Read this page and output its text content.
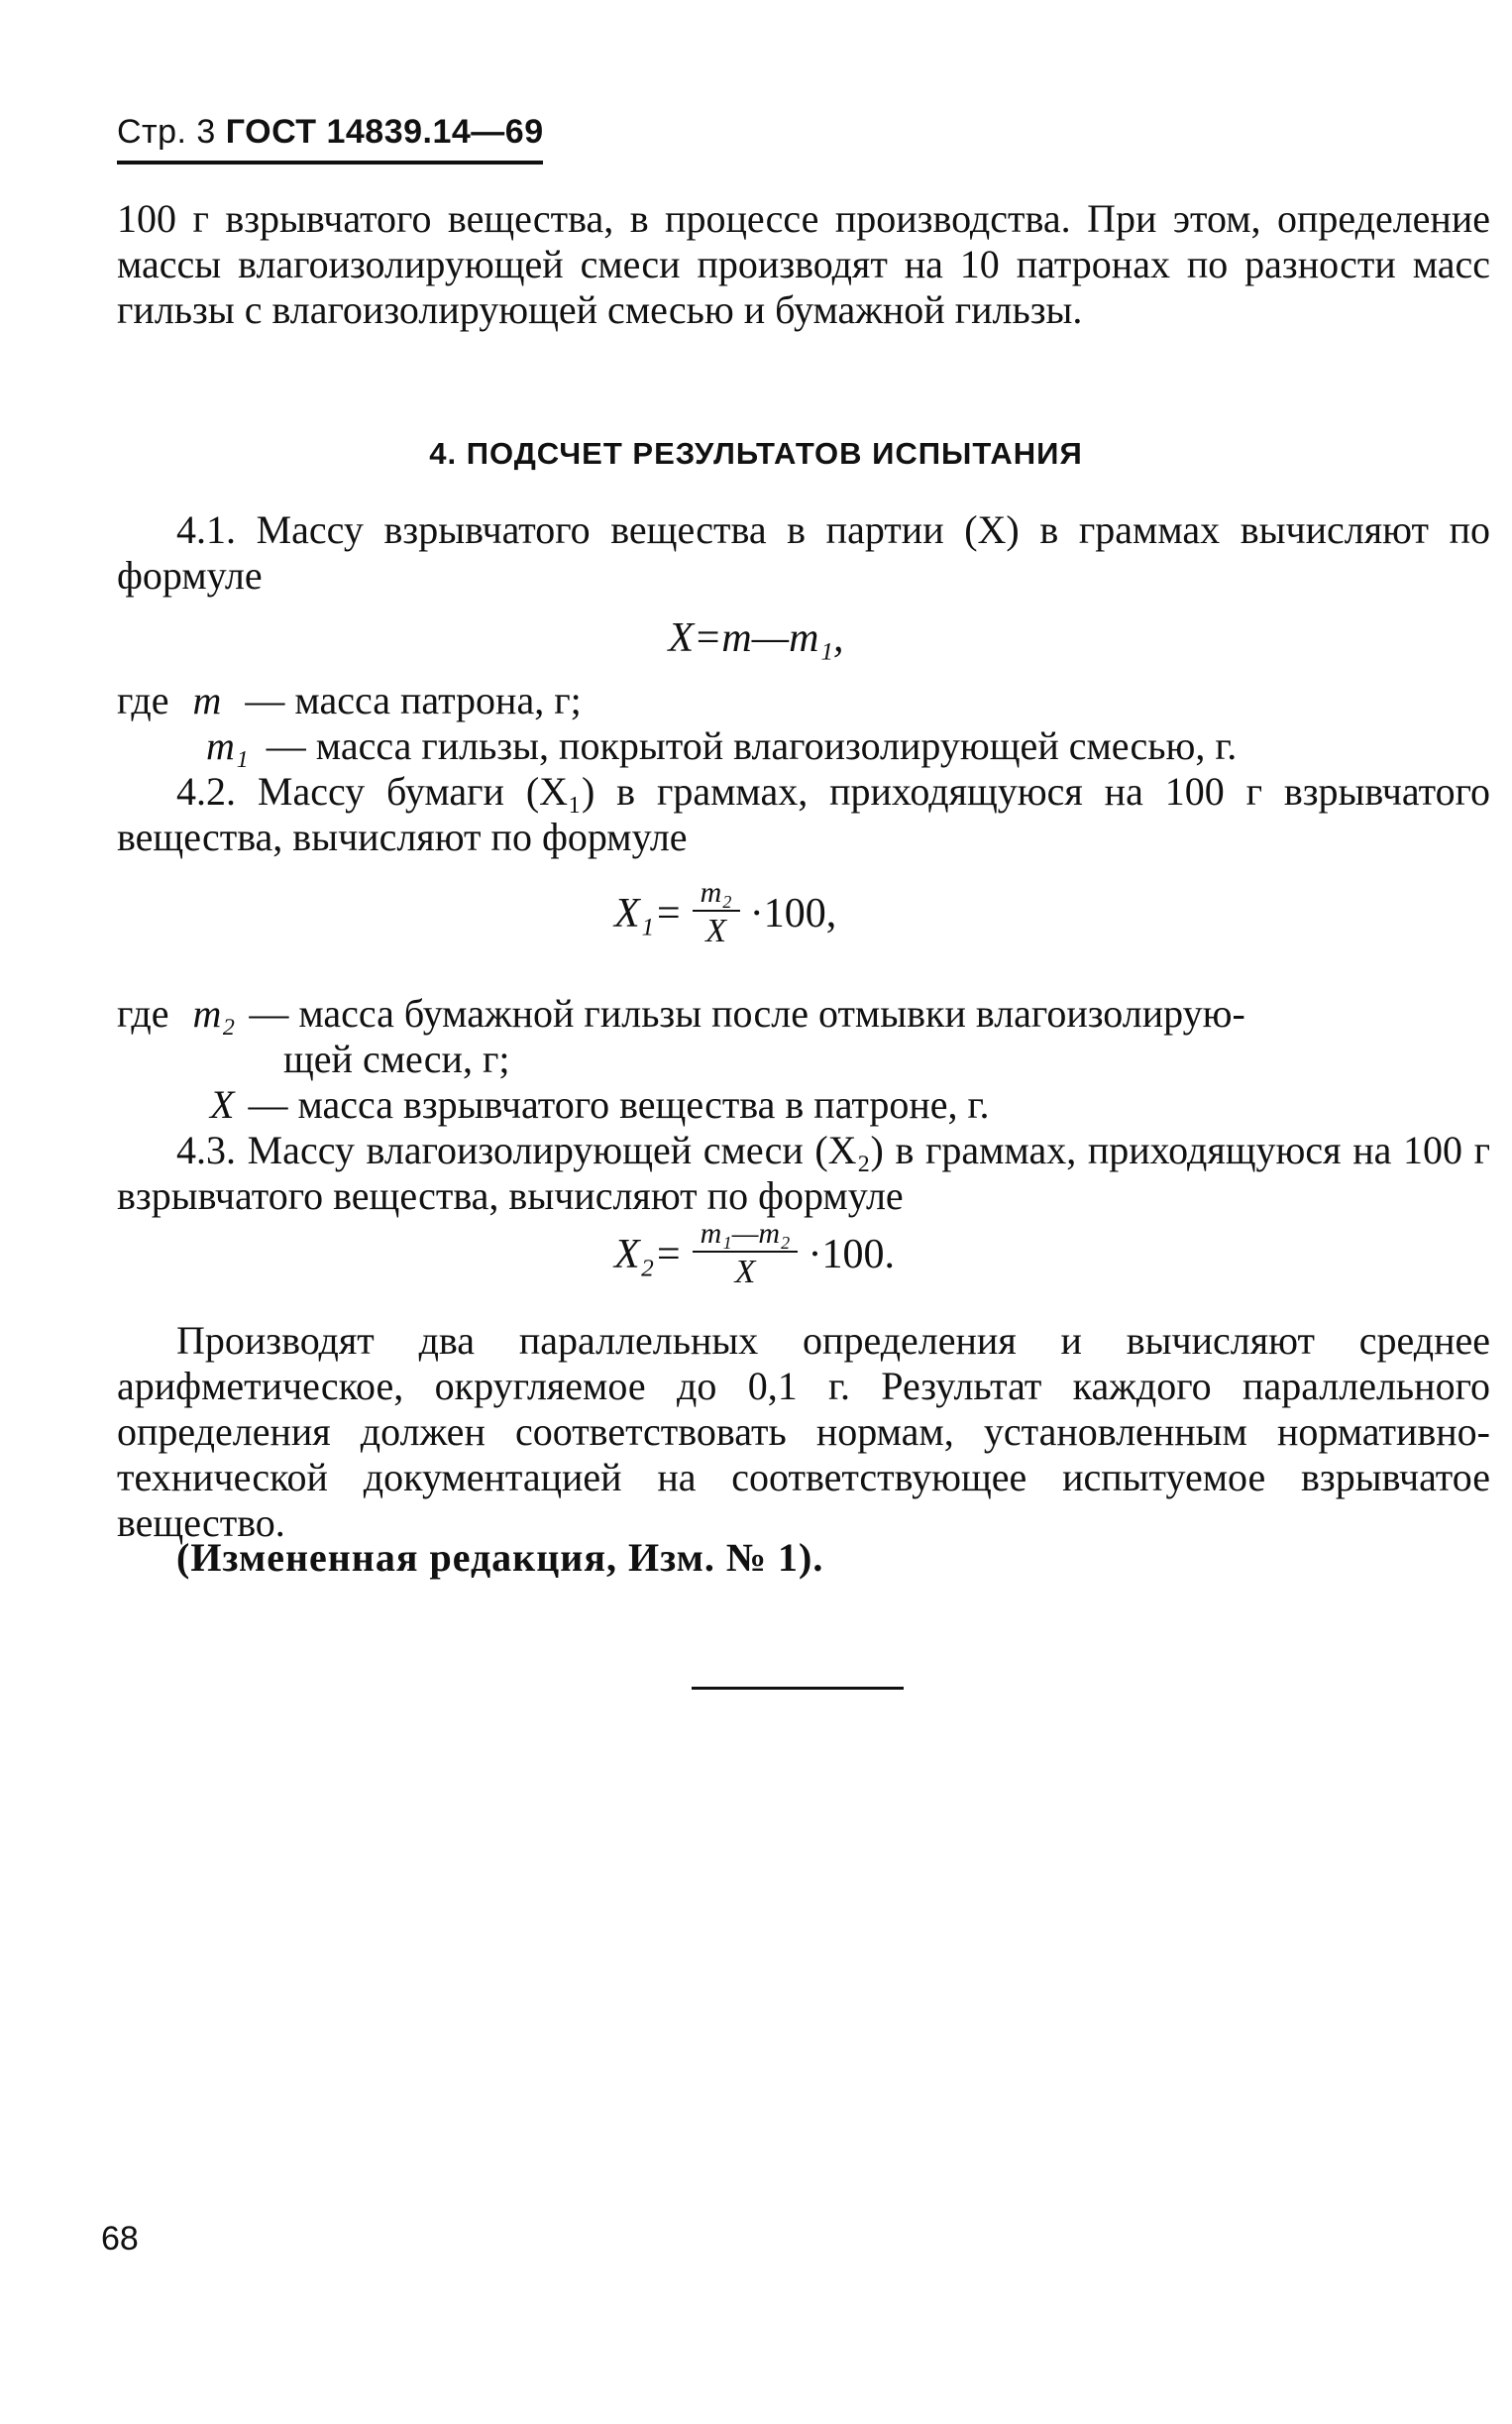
Стр. 3 ГОСТ 14839.14—69
100 г взрывчатого вещества, в процессе производства. При этом, определение массы влагоизолирующей смеси производят на 10 патронах по разности масс гильзы с влагоизолирующей смесью и бумажной гильзы.
4. ПОДСЧЕТ РЕЗУЛЬТАТОВ ИСПЫТАНИЯ
4.1. Массу взрывчатого вещества в партии (X) в граммах вычисляют по формуле
X=m—m₁,
где m — масса патрона, г;
m₁ — масса гильзы, покрытой влагоизолирующей смесью, г.
4.2. Массу бумаги (X₁) в граммах, приходящуюся на 100 г взрывчатого вещества, вычисляют по формуле
$X_1= \frac{\text{m₂}}{X} \cdot 100$,
где m₂ — масса бумажной гильзы после отмывки влагоизолирую-
щей смеси, г;
X — масса взрывчатого вещества в патроне, г.
4.3. Массу влагоизолирующей смеси (X₂) в граммах, приходящуюся на 100 г взрывчатого вещества, вычисляют по формуле
$X_2= \frac{\text{m₁—m₂}}{X} \cdot 100$.
Производят два параллельных определения и вычисляют среднее арифметическое, округляемое до 0,1 г. Результат каждого параллельного определения должен соответствовать нормам, установленным нормативно-технической документацией на соответствующее испытуемое взрывчатое вещество.
(Измененная редакция, Изм. № 1).
68
